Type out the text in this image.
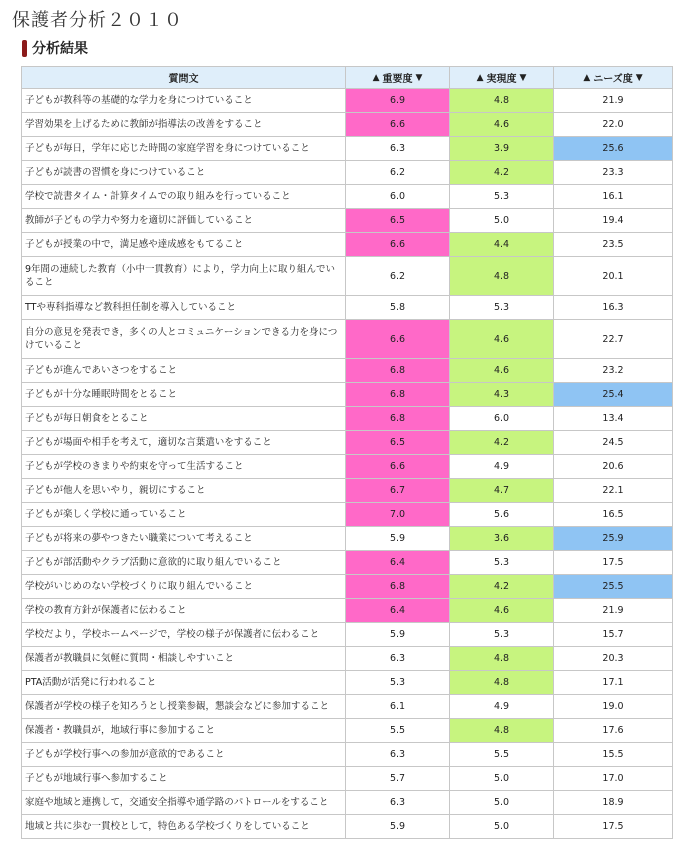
保護者分析２０１０
分析結果
質問文	▲ 重要度 ▼	▲ 実現度 ▼	▲ ニーズ度 ▼

子どもが教科等の基礎的な学力を身につけていること	6.9	4.8	21.9
学習効果を上げるために教師が指導法の改善をすること	6.6	4.6	22.0
子どもが毎日，学年に応じた時間の家庭学習を身につけていること	6.3	3.9	25.6
子どもが読書の習慣を身につけていること	6.2	4.2	23.3
学校で読書タイム・計算タイムでの取り組みを行っていること	6.0	5.3	16.1
教師が子どもの学力や努力を適切に評価していること	6.5	5.0	19.4
子どもが授業の中で，満足感や達成感をもてること	6.6	4.4	23.5
9年間の連続した教育（小中一貫教育）により，学力向上に取り組んでいること	6.2	4.8	20.1
TTや専科指導など教科担任制を導入していること	5.8	5.3	16.3
自分の意見を発表でき，多くの人とコミュニケーションできる力を身につけていること	6.6	4.6	22.7
子どもが進んであいさつをすること	6.8	4.6	23.2
子どもが十分な睡眠時間をとること	6.8	4.3	25.4
子どもが毎日朝食をとること	6.8	6.0	13.4
子どもが場面や相手を考えて，適切な言葉遣いをすること	6.5	4.2	24.5
子どもが学校のきまりや約束を守って生活すること	6.6	4.9	20.6
子どもが他人を思いやり，親切にすること	6.7	4.7	22.1
子どもが楽しく学校に通っていること	7.0	5.6	16.5
子どもが将来の夢やつきたい職業について考えること	5.9	3.6	25.9
子どもが部活動やクラブ活動に意欲的に取り組んでいること	6.4	5.3	17.5
学校がいじめのない学校づくりに取り組んでいること	6.8	4.2	25.5
学校の教育方針が保護者に伝わること	6.4	4.6	21.9
学校だより，学校ホームページで，学校の様子が保護者に伝わること	5.9	5.3	15.7
保護者が教職員に気軽に質問・相談しやすいこと	6.3	4.8	20.3
PTA活動が活発に行われること	5.3	4.8	17.1
保護者が学校の様子を知ろうとし授業参観，懇談会などに参加すること	6.1	4.9	19.0
保護者・教職員が，地域行事に参加すること	5.5	4.8	17.6
子どもが学校行事への参加が意欲的であること	6.3	5.5	15.5
子どもが地域行事へ参加すること	5.7	5.0	17.0
家庭や地域と連携して，交通安全指導や通学路のパトロールをすること	6.3	5.0	18.9
地域と共に歩む一貫校として，特色ある学校づくりをしていること	5.9	5.0	17.5
